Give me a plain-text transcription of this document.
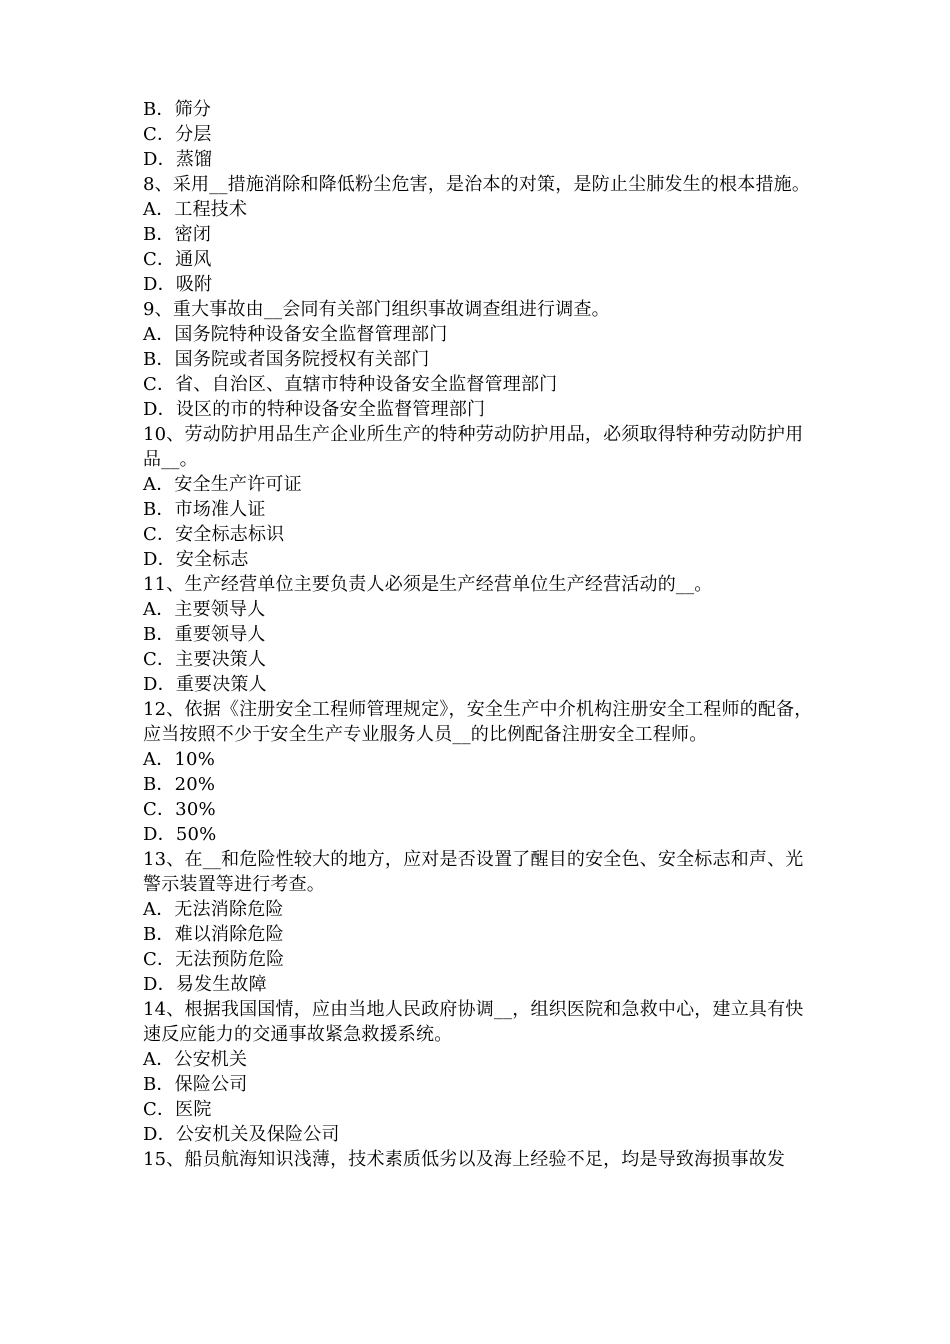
B．筛分

C．分层

D．蒸馏

8、采用__措施消除和降低粉尘危害，是治本的对策，是防止尘肺发生的根本措施。

A．工程技术

B．密闭

C．通风

D．吸附

9、重大事故由__会同有关部门组织事故调查组进行调查。

A．国务院特种设备安全监督管理部门

B．国务院或者国务院授权有关部门

C．省、自治区、直辖市特种设备安全监督管理部门

D．设区的市的特种设备安全监督管理部门

10、劳动防护用品生产企业所生产的特种劳动防护用品，必须取得特种劳动防护用品__。

A．安全生产许可证

B．市场准人证

C．安全标志标识

D．安全标志

11、生产经营单位主要负责人必须是生产经营单位生产经营活动的__。

A．主要领导人

B．重要领导人

C．主要决策人

D．重要决策人

12、依据《注册安全工程师管理规定》，安全生产中介机构注册安全工程师的配备，应当按照不少于安全生产专业服务人员__的比例配备注册安全工程师。

A．10%

B．20%

C．30%

D．50%

13、在__和危险性较大的地方，应对是否设置了醒目的安全色、安全标志和声、光警示装置等进行考查。

A．无法消除危险

B．难以消除危险

C．无法预防危险

D．易发生故障

14、根据我国国情，应由当地人民政府协调__，组织医院和急救中心，建立具有快速反应能力的交通事故紧急救援系统。

A．公安机关

B．保险公司

C．医院

D．公安机关及保险公司

15、船员航海知识浅薄，技术素质低劣以及海上经验不足，均是导致海损事故发
